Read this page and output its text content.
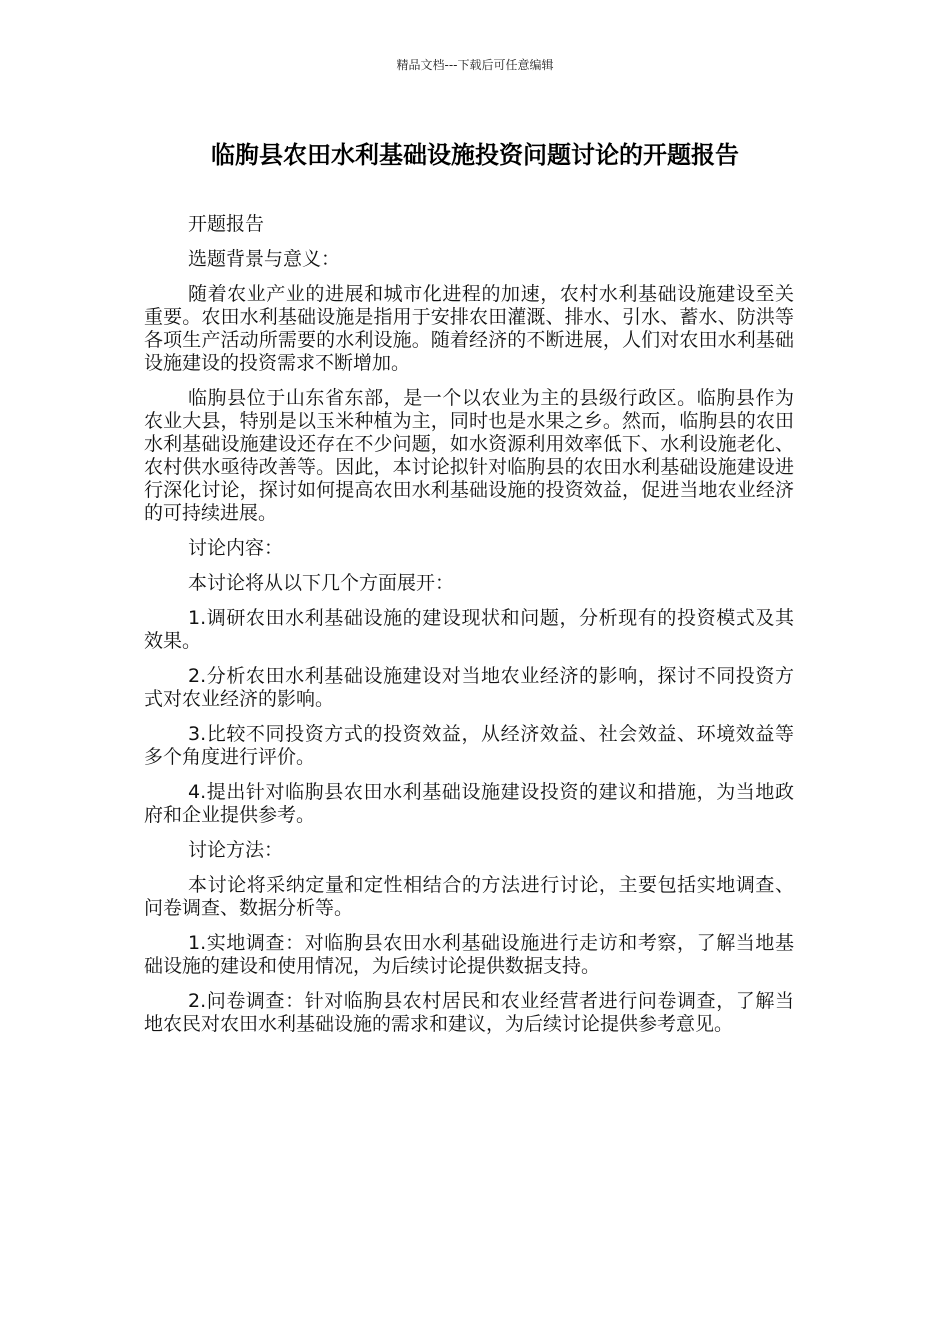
精品文档---下载后可任意编辑
临朐县农田水利基础设施投资问题讨论的开题报告

开题报告

选题背景与意义：

随着农业产业的进展和城市化进程的加速，农村水利基础设施建设至关重要。农田水利基础设施是指用于安排农田灌溉、排水、引水、蓄水、防洪等各项生产活动所需要的水利设施。随着经济的不断进展，人们对农田水利基础设施建设的投资需求不断增加。

临朐县位于山东省东部，是一个以农业为主的县级行政区。临朐县作为农业大县，特别是以玉米种植为主，同时也是水果之乡。然而，临朐县的农田水利基础设施建设还存在不少问题，如水资源利用效率低下、水利设施老化、农村供水亟待改善等。因此，本讨论拟针对临朐县的农田水利基础设施建设进行深化讨论，探讨如何提高农田水利基础设施的投资效益，促进当地农业经济的可持续进展。

讨论内容：

本讨论将从以下几个方面展开：

1.调研农田水利基础设施的建设现状和问题，分析现有的投资模式及其效果。

2.分析农田水利基础设施建设对当地农业经济的影响，探讨不同投资方式对农业经济的影响。

3.比较不同投资方式的投资效益，从经济效益、社会效益、环境效益等多个角度进行评价。

4.提出针对临朐县农田水利基础设施建设投资的建议和措施，为当地政府和企业提供参考。

讨论方法：

本讨论将采纳定量和定性相结合的方法进行讨论，主要包括实地调查、问卷调查、数据分析等。

1.实地调查：对临朐县农田水利基础设施进行走访和考察，了解当地基础设施的建设和使用情况，为后续讨论提供数据支持。

2.问卷调查：针对临朐县农村居民和农业经营者进行问卷调查，了解当地农民对农田水利基础设施的需求和建议，为后续讨论提供参考意见。
